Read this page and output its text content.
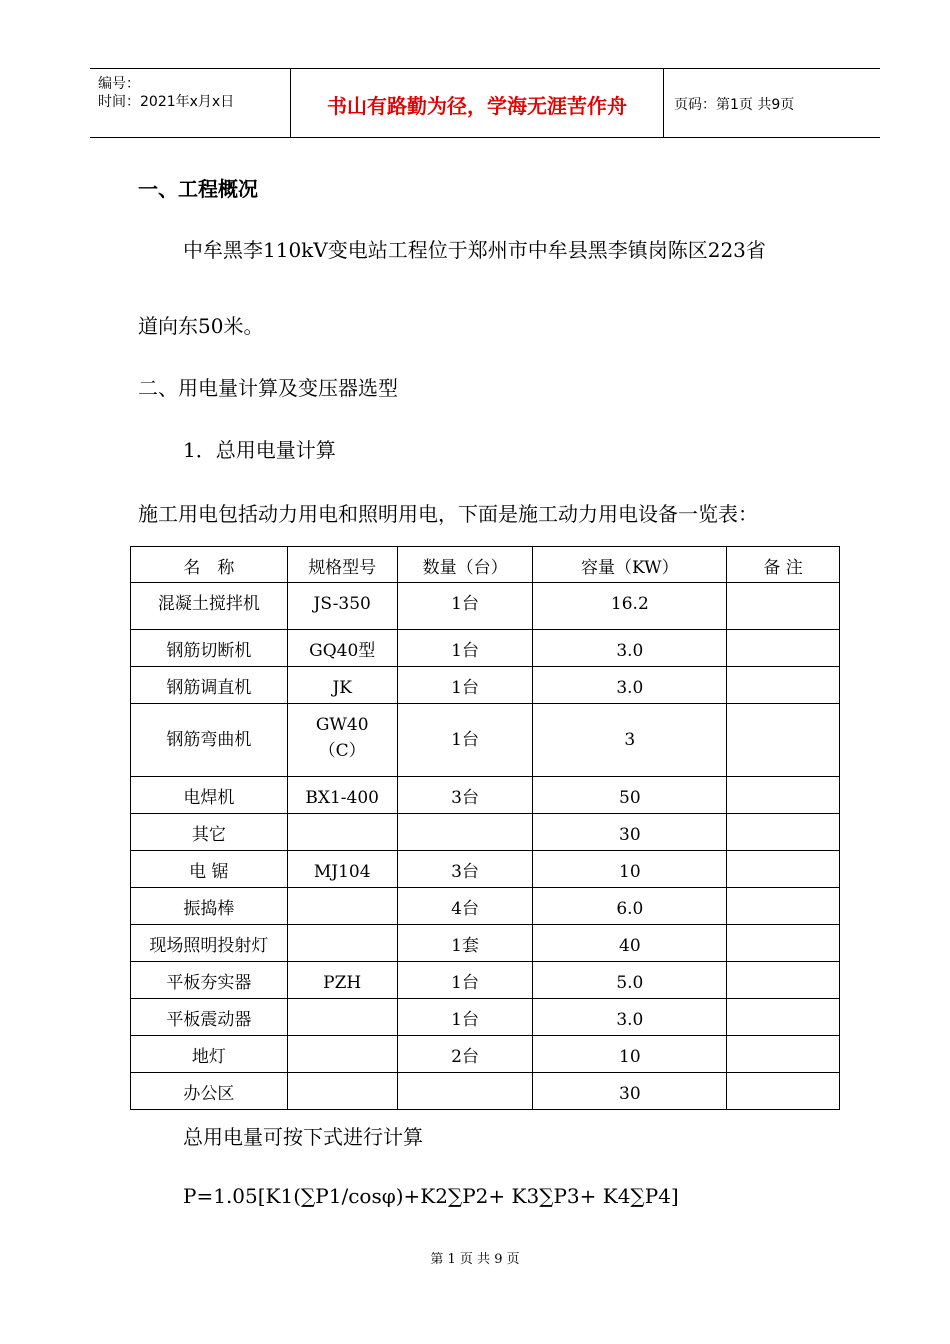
编号：
时间：2021年x月x日	书山有路勤为径，学海无涯苦作舟	页码：第1页 共9页
一、工程概况
中牟黑李110kV变电站工程位于郑州市中牟县黑李镇岗陈区223省
道向东50米。
二、用电量计算及变压器选型
1．总用电量计算
施工用电包括动力用电和照明用电，下面是施工动力用电设备一览表：
名　称	规格型号	数量（台）	容量（KW）	备 注

混凝土搅拌机	JS-350	1台	16.2	

钢筋切断机	GQ40型	1台	3.0	

钢筋调直机	JK	1台	3.0	

钢筋弯曲机	GW40（C）	1台	3	

电焊机	BX1-400	3台	50	

其它			30	

电 锯	MJ104	3台	10	

振捣棒		4台	6.0	

现场照明投射灯		1套	40	

平板夯实器	PZH	1台	5.0	

平板震动器		1台	3.0	

地灯		2台	10	

办公区			30	

总用电量可按下式进行计算
P=1.05[K1(∑P1/cosφ)+K2∑P2+ K3∑P3+ K4∑P4]
第 1 页 共 9 页
